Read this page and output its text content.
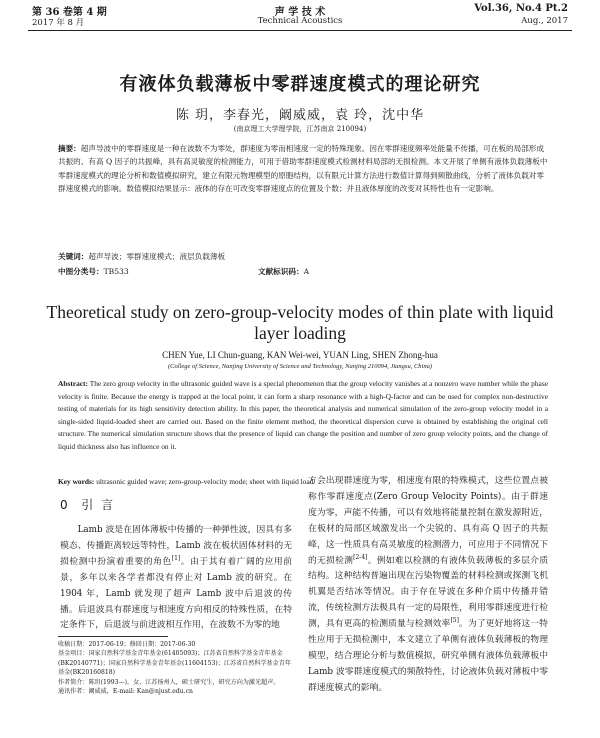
第 36 卷第 4 期
2017 年 8 月
声 学 技 术
Technical Acoustics
Vol.36, No.4 Pt.2
Aug., 2017
有液体负载薄板中零群速度模式的理论研究
陈 玥，李春光，阚威威，袁 玲，沈中华
(南京理工大学理学院，江苏南京 210094)
摘要：超声导波中的零群速度是一种在波数不为零处，群速度为零而相速度一定的特殊现象。因在零群速度频率处能量不传播，可在板的局部形成共振的、有高 Q 因子的共振峰，具有高灵敏度的检测能力，可用于借助零群速度模式检测材料局部的无损检测。本文开展了单侧有液体负载薄板中零群速度模式的理论分析和数值模拟研究，建立有限元物理模型的原胞结构，以有限元计算方法进行数值计算得到频散曲线，分析了液体负载对零群速度模式的影响。数值模拟结果显示：液体的存在可改变零群速度点的位置及个数；并且液体厚度的改变对其特性也有一定影响。
关键词：超声导波；零群速度模式；液层负载薄板
中图分类号：TB533	文献标识码：A
Theoretical study on zero-group-velocity modes of thin plate with liquid layer loading
CHEN Yue, LI Chun-guang, KAN Wei-wei, YUAN Ling, SHEN Zhong-hua
(College of Science, Nanjing University of Science and Technology, Nanjing 210094, Jiangsu, China)
Abstract: The zero group velocity in the ultrasonic guided wave is a special phenomenon that the group velocity vanishes at a nonzero wave number while the phase velocity is finite. Because the energy is trapped at the local point, it can form a sharp resonance with a high-Q-factor and can be used for complex non-destructive testing of materials for its high sensitivity detection ability. In this paper, the theoretical analysis and numerical simulation of the zero-group velocity model in a single-sided liquid-loaded sheet are carried out. Based on the finite element method, the theoretical dispersion curve is obtained by establishing the original cell structure. The numerical simulation structure shows that the presence of liquid can change the position and number of zero group velocity points, and the change of liquid thickness also has influence on it.
Key words: ultrasonic guided wave; zero-group-velocity mode; sheet with liquid load
0 引 言
Lamb 波是在固体薄板中传播的一种弹性波，因具有多模态、传播距离较远等特性，Lamb 波在板状固体材料的无损检测中扮演着重要的角色[1]。由于其有着广阔的应用前景，多年以来各学者都没有停止对 Lamb 波的研究。在 1904 年，Lamb 就发现了超声 Lamb 波中后退波的传播。后退波具有群速度与相速度方向相反的特殊性质，在特定条件下，后退波与前进波相互作用，在波数不为零的地
方会出现群速度为零，相速度有限的特殊模式，这些位置点被称作零群速度点(Zero Group Velocity Points)。由于群速度为零，声能不传播，可以有效地将能量控制在激发源附近，在板材的局部区域激发出一个尖锐的、具有高 Q 因子的共振峰，这一性质具有高灵敏度的检测潜力，可应用于不同情况下的无损检测[2-4]。例如难以检测的有液体负载薄板的多层介质结构。这种结构普遍出现在污染物覆盖的材料检测或探测飞机机翼是否结冰等情况。由于存在导波在多种介质中传播并错流，传统检测方法极具有一定的局限性，利用零群速度进行检测，具有更高的检测质量与检测效率[5]。为了更好地将这一特性应用于无损检测中，本文建立了单侧有液体负载薄板的物理模型，结合理论分析与数值模拟，研究单侧有液体负载薄板中 Lamb 波零群速度模式的频散特性，讨论液体负载对薄板中零群速度模式的影响。

收稿日期：2017-06-19；修回日期：2017-06-30

基金项目：国家自然科学基金青年基金(61405093)；江苏省自然科学基金青年基金(BK20140771)；国家自然科学基金青年基金(11604153)；江苏省自然科学基金青年基金(BK20160818)

作者简介：陈玥(1993—)，女，江苏扬州人，硕士研究生，研究方向为激光超声。

通讯作者：阚威威，E-mail: Kan@njust.edu.cn
